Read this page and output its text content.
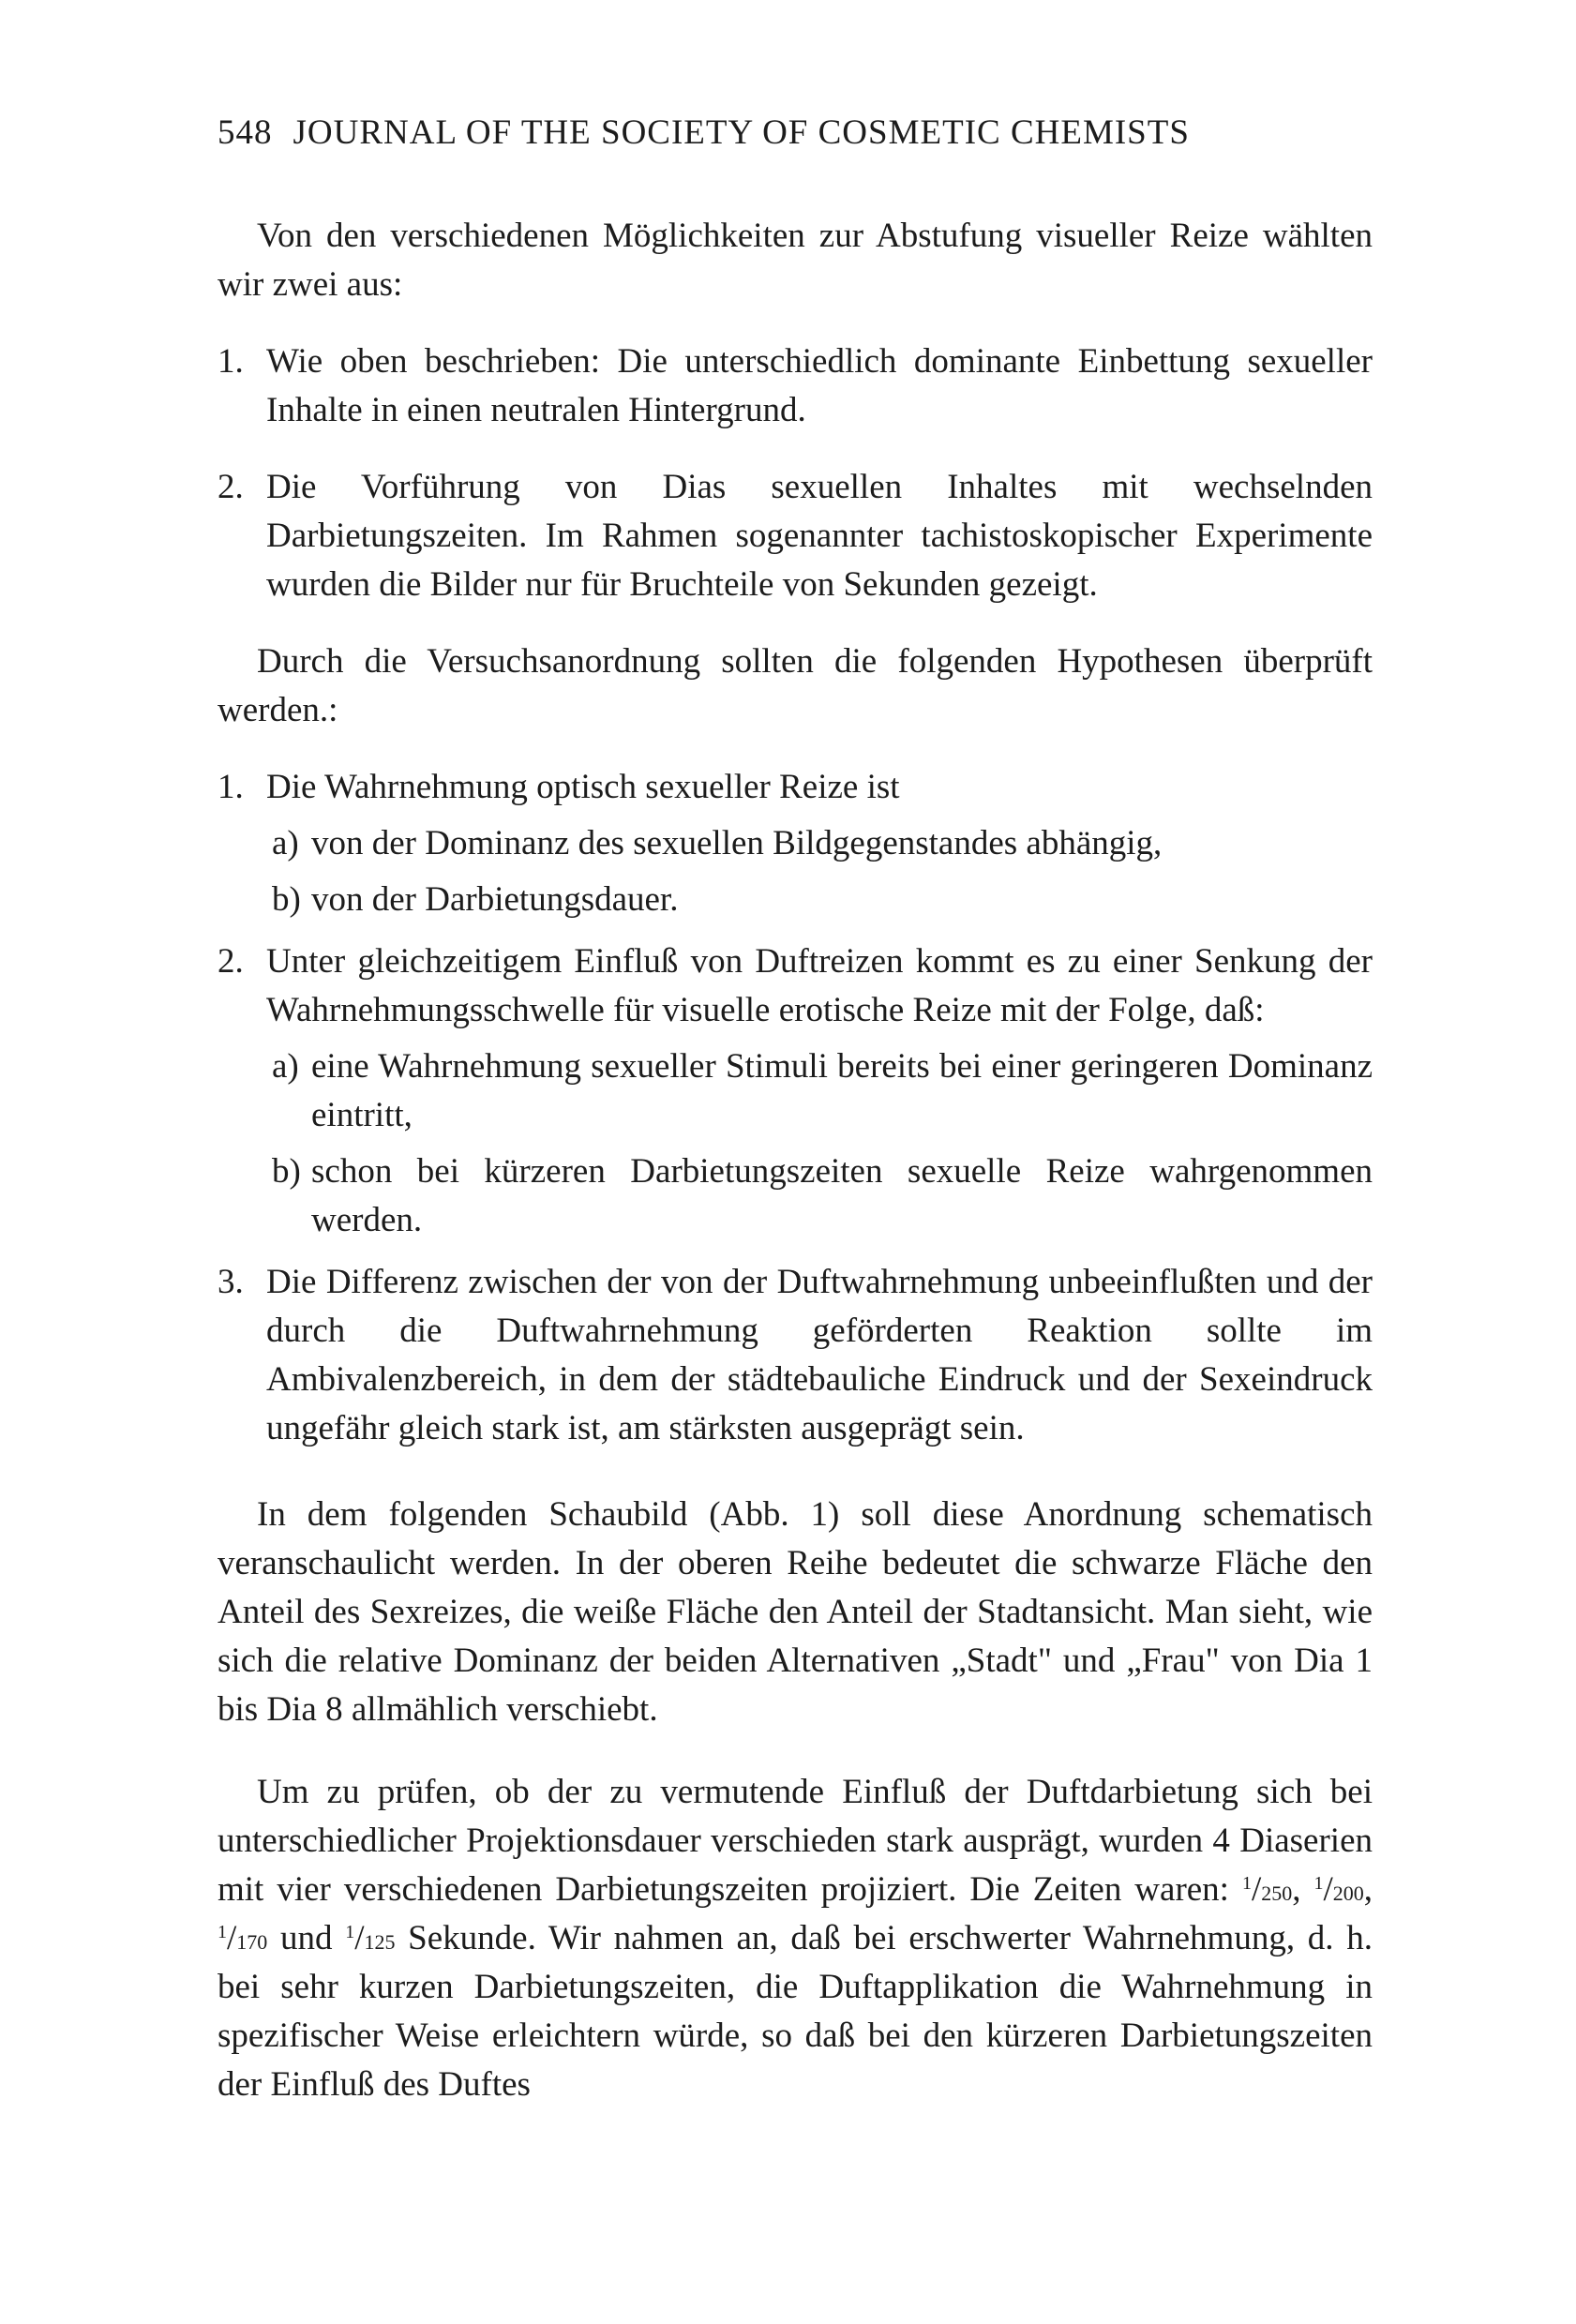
548 JOURNAL OF THE SOCIETY OF COSMETIC CHEMISTS

Von den verschiedenen Möglichkeiten zur Abstufung visueller Reize wählten wir zwei aus:

1. Wie oben beschrieben: Die unterschiedlich dominante Einbettung sexueller Inhalte in einen neutralen Hintergrund.
2. Die Vorführung von Dias sexuellen Inhaltes mit wechselnden Darbietungszeiten. Im Rahmen sogenannter tachistoskopischer Experimente wurden die Bilder nur für Bruchteile von Sekunden gezeigt.

Durch die Versuchsanordnung sollten die folgenden Hypothesen überprüft werden.:

1. Die Wahrnehmung optisch sexueller Reize ist
a) von der Dominanz des sexuellen Bildgegenstandes abhängig,
b) von der Darbietungsdauer.
2. Unter gleichzeitigem Einfluß von Duftreizen kommt es zu einer Senkung der Wahrnehmungsschwelle für visuelle erotische Reize mit der Folge, daß:
a) eine Wahrnehmung sexueller Stimuli bereits bei einer geringeren Dominanz eintritt,
b) schon bei kürzeren Darbietungszeiten sexuelle Reize wahrgenommen werden.
3. Die Differenz zwischen der von der Duftwahrnehmung unbeeinflußten und der durch die Duftwahrnehmung geförderten Reaktion sollte im Ambivalenzbereich, in dem der städtebauliche Eindruck und der Sexeindruck ungefähr gleich stark ist, am stärksten ausgeprägt sein.

In dem folgenden Schaubild (Abb. 1) soll diese Anordnung schematisch veranschaulicht werden. In der oberen Reihe bedeutet die schwarze Fläche den Anteil des Sexreizes, die weiße Fläche den Anteil der Stadtansicht. Man sieht, wie sich die relative Dominanz der beiden Alternativen „Stadt" und „Frau" von Dia 1 bis Dia 8 allmählich verschiebt.

Um zu prüfen, ob der zu vermutende Einfluß der Duftdarbietung sich bei unterschiedlicher Projektionsdauer verschieden stark ausprägt, wurden 4 Diaserien mit vier verschiedenen Darbietungszeiten projiziert. Die Zeiten waren: $^1$/250, $^1$/200, $^1$/170 und $^1$/125 Sekunde. Wir nahmen an, daß bei erschwerter Wahrnehmung, d. h. bei sehr kurzen Darbietungszeiten, die Duftapplikation die Wahrnehmung in spezifischer Weise erleichtern würde, so daß bei den kürzeren Darbietungszeiten der Einfluß des Duftes
